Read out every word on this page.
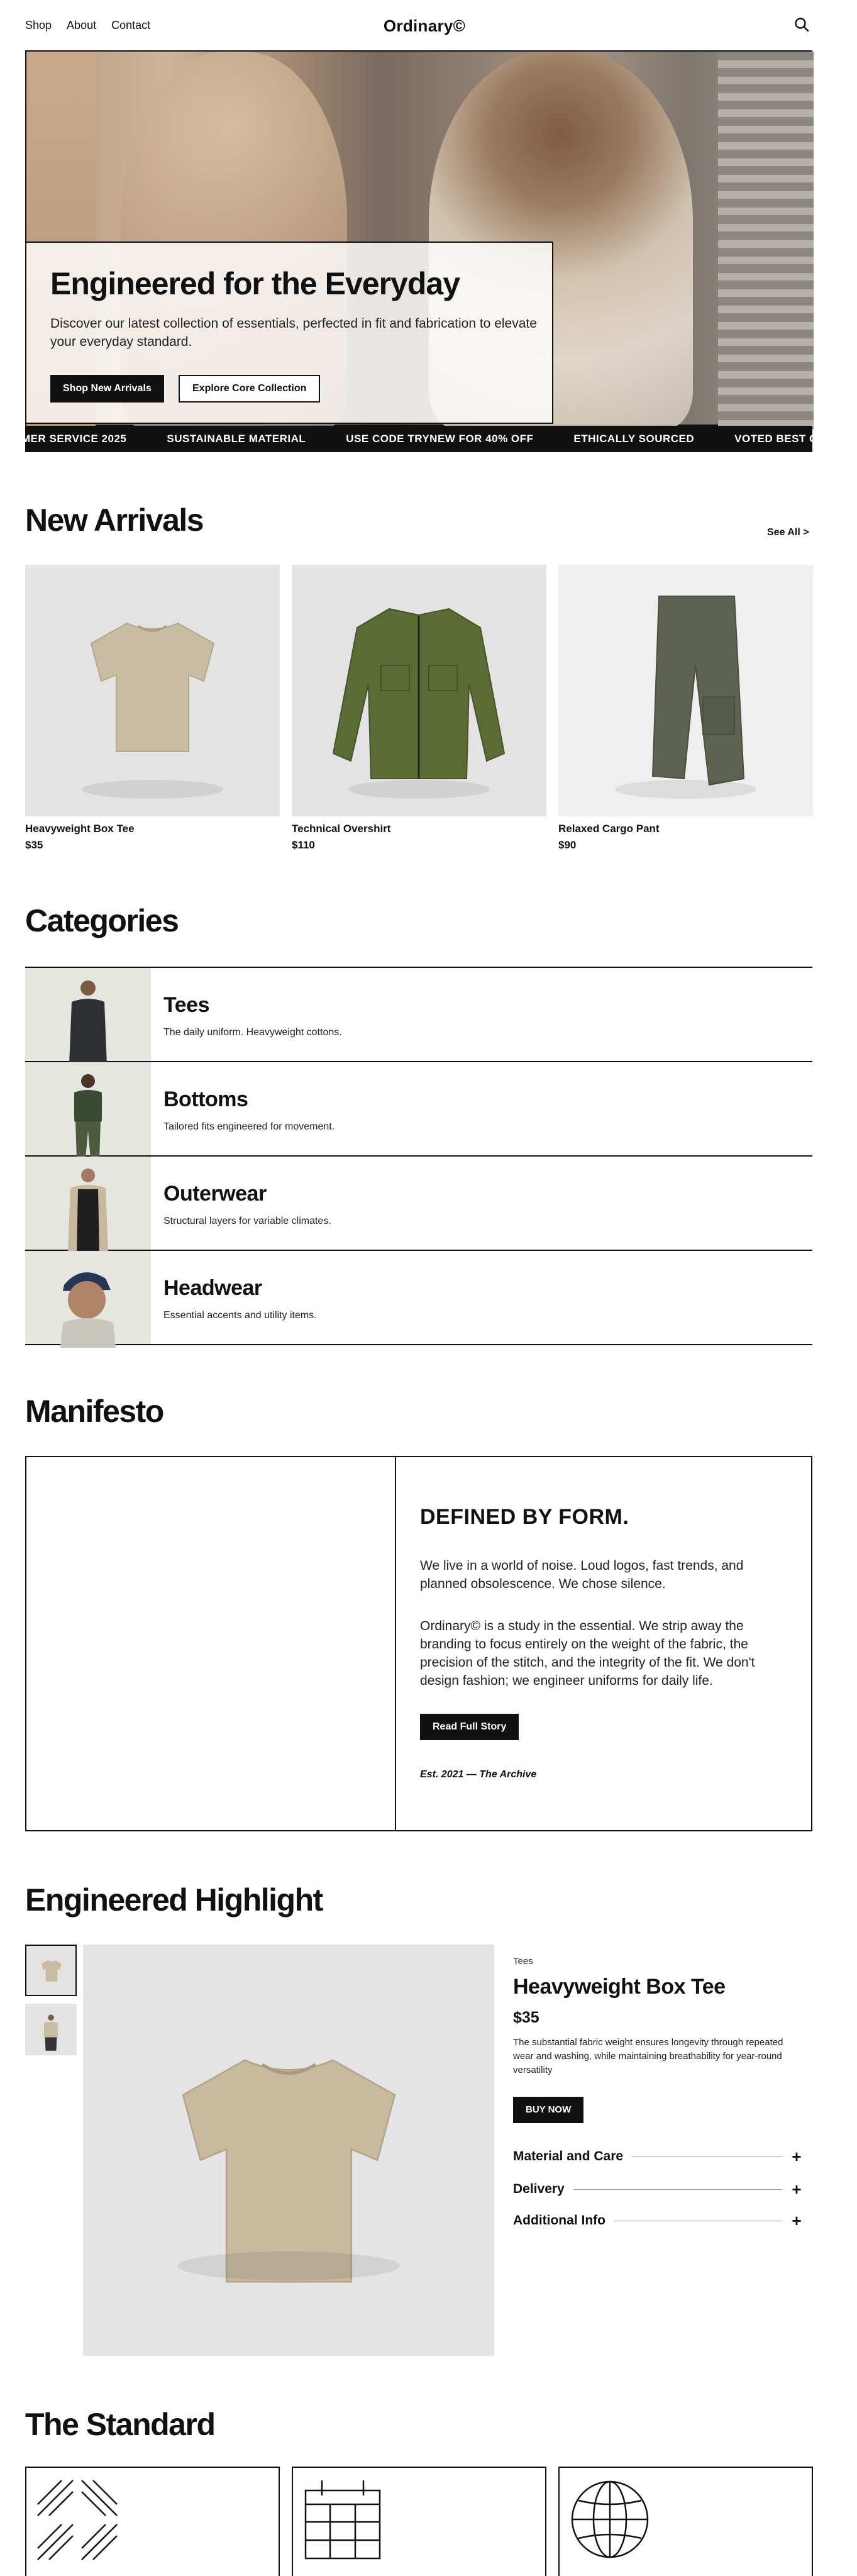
Shop About Contact	Ordinary©
Engineered for the Everyday
Discover our latest collection of essentials, perfected in fit and fabrication to elevate your everyday standard.
Shop New Arrivals	Explore Core Collection
MER SERVICE 2025	SUSTAINABLE MATERIAL	USE CODE TRYNEW FOR 40% OFF	ETHICALLY SOURCED	VOTED BEST CUSTOM
New Arrivals	See All >
Heavyweight Box Tee
$35
Technical Overshirt
$110
Relaxed Cargo Pant
$90
Categories
Tees
The daily uniform. Heavyweight cottons.
Bottoms
Tailored fits engineered for movement.
Outerwear
Structural layers for variable climates.
Headwear
Essential accents and utility items.
Manifesto
DEFINED BY FORM.
We live in a world of noise. Loud logos, fast trends, and planned obsolescence. We chose silence.
Ordinary© is a study in the essential. We strip away the branding to focus entirely on the weight of the fabric, the precision of the stitch, and the integrity of the fit. We don't design fashion; we engineer uniforms for daily life.
Read Full Story
Est. 2021 — The Archive
Engineered Highlight
Tees
Heavyweight Box Tee
$35
The substantial fabric weight ensures longevity through repeated wear and washing, while maintaining breathability for year-round versatility
BUY NOW
Material and Care	+
Delivery	+
Additional Info	+
The Standard
